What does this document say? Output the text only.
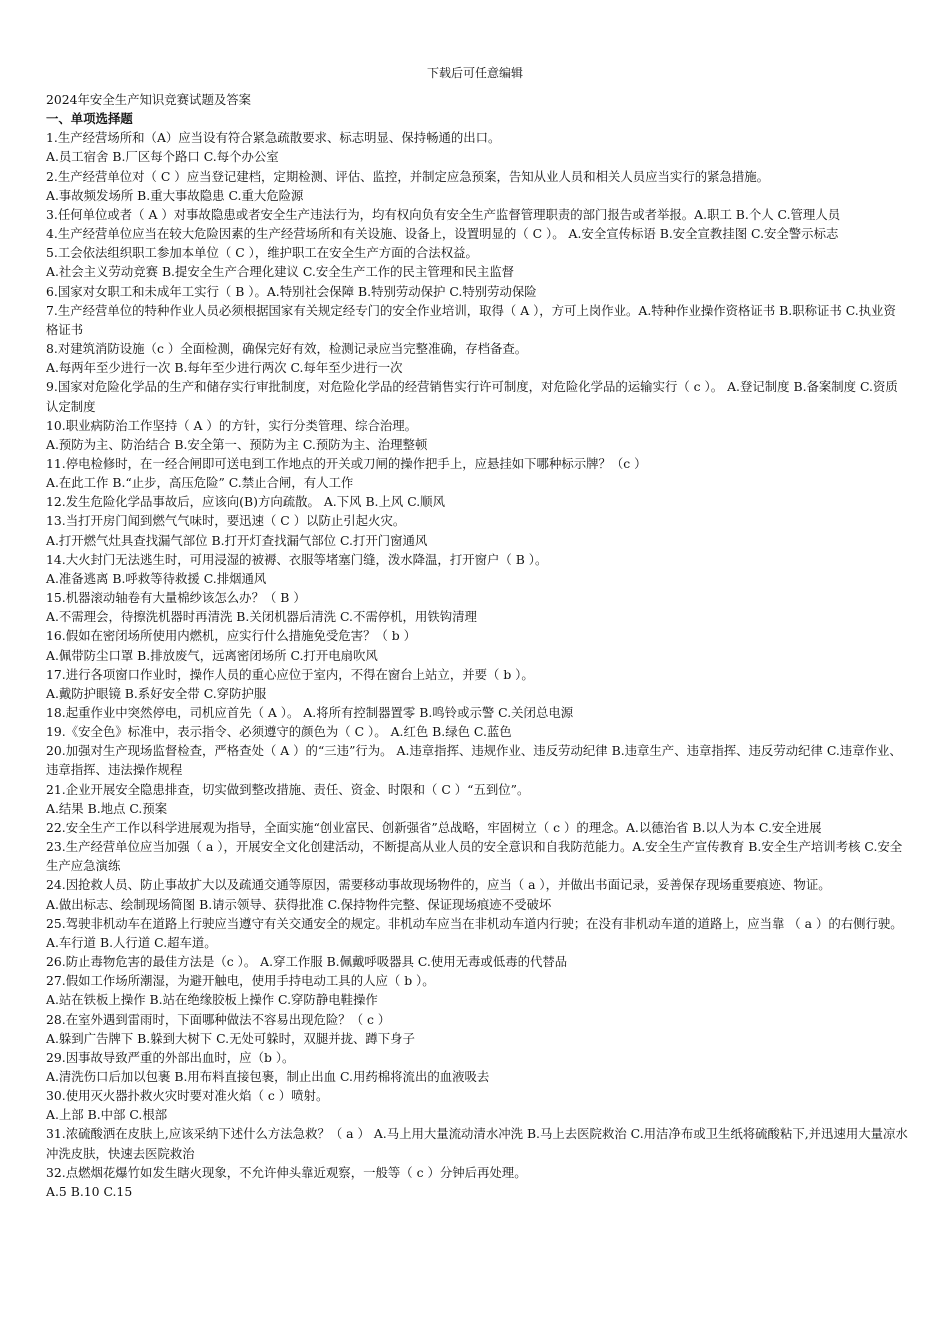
下载后可任意编辑

2024年安全生产知识竞赛试题及答案

一、单项选择题

1.生产经营场所和（A）应当设有符合紧急疏散要求、标志明显、保持畅通的出口。

A.员工宿舍 B.厂区每个路口 C.每个办公室

2.生产经营单位对（ C ）应当登记建档，定期检测、评估、监控，并制定应急预案，告知从业人员和相关人员应当实行的紧急措施。

A.事故频发场所 B.重大事故隐患 C.重大危险源

3.任何单位或者（ A ）对事故隐患或者安全生产违法行为，均有权向负有安全生产监督管理职责的部门报告或者举报。A.职工 B.个人 C.管理人员

4.生产经营单位应当在较大危险因素的生产经营场所和有关设施、设备上，设置明显的（ C ）。 A.安全宣传标语 B.安全宣教挂图 C.安全警示标志

5.工会依法组织职工参加本单位（ C ），维护职工在安全生产方面的合法权益。

A.社会主义劳动竞赛 B.提安全生产合理化建议 C.安全生产工作的民主管理和民主监督

6.国家对女职工和未成年工实行（ B ）。A.特别社会保障 B.特别劳动保护 C.特别劳动保险

7.生产经营单位的特种作业人员必须根据国家有关规定经专门的安全作业培训，取得（ A ），方可上岗作业。A.特种作业操作资格证书 B.职称证书 C.执业资格证书

8.对建筑消防设施（c ）全面检测，确保完好有效，检测记录应当完整准确，存档备查。

A.每两年至少进行一次 B.每年至少进行两次 C.每年至少进行一次

9.国家对危险化学品的生产和储存实行审批制度，对危险化学品的经营销售实行许可制度，对危险化学品的运输实行（ c ）。 A.登记制度 B.备案制度 C.资质认定制度

10.职业病防治工作坚持（ A ）的方针，实行分类管理、综合治理。

A.预防为主、防治结合 B.安全第一、预防为主 C.预防为主、治理整顿

11.停电检修时，在一经合闸即可送电到工作地点的开关或刀闸的操作把手上，应悬挂如下哪种标示牌？（c ）

A.在此工作 B.“止步，高压危险” C.禁止合闸，有人工作

12.发生危险化学品事故后，应该向(B)方向疏散。 A.下风 B.上风 C.顺风

13.当打开房门闻到燃气气味时，要迅速（ C ）以防止引起火灾。

A.打开燃气灶具查找漏气部位 B.打开灯查找漏气部位 C.打开门窗通风

14.大火封门无法逃生时，可用浸湿的被褥、衣服等堵塞门缝，泼水降温，打开窗户（ B ）。

A.准备逃离 B.呼救等待救援 C.排烟通风

15.机器滚动轴卷有大量棉纱该怎么办？（ B ）

A.不需理会，待擦洗机器时再清洗 B.关闭机器后清洗 C.不需停机，用铁钩清理

16.假如在密闭场所使用内燃机，应实行什么措施免受危害？（ b ）

A.佩带防尘口罩 B.排放废气，远离密闭场所 C.打开电扇吹风

17.进行各项窗口作业时，操作人员的重心应位于室内，不得在窗台上站立，并要（ b ）。

A.戴防护眼镜 B.系好安全带 C.穿防护服

18.起重作业中突然停电，司机应首先（ A ）。 A.将所有控制器置零 B.鸣铃或示警 C.关闭总电源

19.《安全色》标准中，表示指令、必须遵守的颜色为（ C ）。 A.红色 B.绿色 C.蓝色

20.加强对生产现场监督检查，严格查处（ A ）的“三违”行为。 A.违章指挥、违规作业、违反劳动纪律 B.违章生产、违章指挥、违反劳动纪律 C.违章作业、违章指挥、违法操作规程

21.企业开展安全隐患排查，切实做到整改措施、责任、资金、时限和（ C ）“五到位”。

A.结果 B.地点 C.预案

22.安全生产工作以科学进展观为指导，全面实施“创业富民、创新强省”总战略，牢固树立（ c ）的理念。A.以德治省 B.以人为本 C.安全进展

23.生产经营单位应当加强（ a ），开展安全文化创建活动，不断提高从业人员的安全意识和自我防范能力。A.安全生产宣传教育 B.安全生产培训考核 C.安全生产应急演练

24.因抢救人员、防止事故扩大以及疏通交通等原因，需要移动事故现场物件的，应当（ a ），并做出书面记录，妥善保存现场重要痕迹、物证。

A.做出标志、绘制现场简图 B.请示领导、获得批准 C.保持物件完整、保证现场痕迹不受破坏

25.驾驶非机动车在道路上行驶应当遵守有关交通安全的规定。非机动车应当在非机动车道内行驶；在没有非机动车道的道路上，应当靠 （ a ）的右侧行驶。 A.车行道 B.人行道 C.超车道。

26.防止毒物危害的最佳方法是（c ）。 A.穿工作服 B.佩戴呼吸器具 C.使用无毒或低毒的代替品

27.假如工作场所潮湿，为避开触电，使用手持电动工具的人应（ b ）。

A.站在铁板上操作 B.站在绝缘胶板上操作 C.穿防静电鞋操作

28.在室外遇到雷雨时，下面哪种做法不容易出现危险？（ c ）

A.躲到广告牌下 B.躲到大树下 C.无处可躲时，双腿并拢、蹲下身子

29.因事故导致严重的外部出血时，应（b ）。

A.清洗伤口后加以包裹 B.用布料直接包裹，制止出血 C.用药棉将流出的血液吸去

30.使用灭火器扑救火灾时要对准火焰（ c ）喷射。

A.上部 B.中部 C.根部

31.浓硫酸洒在皮肤上,应该采纳下述什么方法急救？（ a ） A.马上用大量流动清水冲洗 B.马上去医院救治 C.用洁净布或卫生纸将硫酸粘下,并迅速用大量凉水冲洗皮肤，快速去医院救治

32.点燃烟花爆竹如发生瞎火现象，不允许伸头靠近观察，一般等（ c ）分钟后再处理。

A.5 B.10 C.15
